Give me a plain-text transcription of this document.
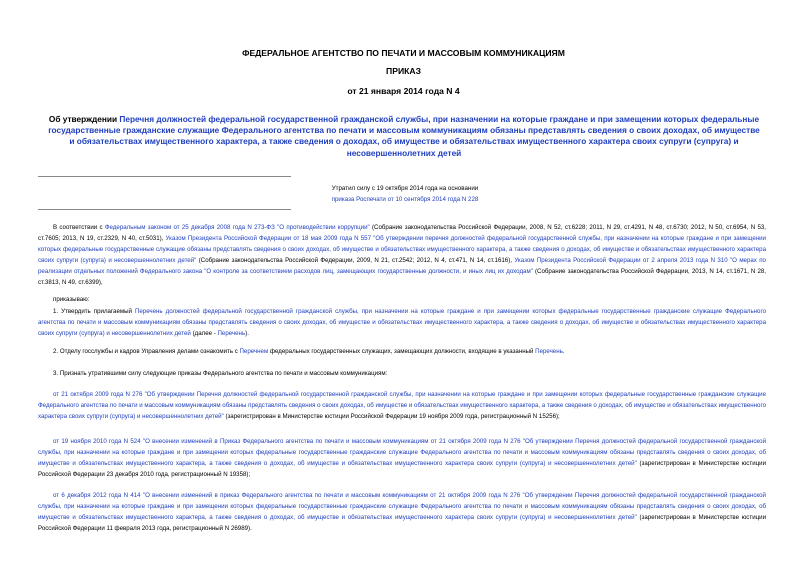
ФЕДЕРАЛЬНОЕ АГЕНТСТВО ПО ПЕЧАТИ И МАССОВЫМ КОММУНИКАЦИЯМ
ПРИКАЗ
от 21 января 2014 года N 4
Об утверждении Перечня должностей федеральной государственной гражданской службы, при назначении на которые граждане и при замещении которых федеральные государственные гражданские служащие Федерального агентства по печати и массовым коммуникациям обязаны представлять сведения о своих доходах, об имуществе и обязательствах имущественного характера, а также сведения о доходах, об имуществе и обязательствах имущественного характера своих супруги (супруга) и несовершеннолетних детей
Утратил силу с 19 октября 2014 года на основании
приказа Роспечати от 10 сентября 2014 года N 228
В соответствии с Федеральным законом от 25 декабря 2008 года N 273-ФЗ "О противодействии коррупции" (Собрание законодательства Российской Федерации, 2008, N 52, ст.6228; 2011, N 29, ст.4291, N 48, ст.6730; 2012, N 50, ст.6954, N 53, ст.7605; 2013, N 19, ст.2329, N 40, ст.5031), Указом Президента Российской Федерации от 18 мая 2009 года N 557 "Об утверждении перечня должностей федеральной государственной службы, при назначении на которые граждане и при замещении которых федеральные государственные служащие обязаны представлять сведения о своих доходах, об имуществе и обязательствах имущественного характера, а также сведения о доходах, об имуществе и обязательствах имущественного характера своих супруги (супруга) и несовершеннолетних детей" (Собрание законодательства Российской Федерации, 2009, N 21, ст.2542; 2012, N 4, ст.471, N 14, ст.1616), Указом Президента Российской Федерации от 2 апреля 2013 года N 310 "О мерах по реализации отдельных положений Федерального закона "О контроле за соответствием расходов лиц, замещающих государственные должности, и иных лиц их доходам" (Собрание законодательства Российской Федерации, 2013, N 14, ст.1671, N 28, ст.3813, N 49, ст.6399),
приказываю:
1. Утвердить прилагаемый Перечень должностей федеральной государственной гражданской службы, при назначении на которые граждане и при замещении которых федеральные государственные гражданские служащие Федерального агентства по печати и массовым коммуникациям обязаны представлять сведения о своих доходах, об имуществе и обязательствах имущественного характера, а также сведения о доходах, об имуществе и обязательствах имущественного характера своих супруги (супруга) и несовершеннолетних детей (далее - Перечень).
2. Отделу госслужбы и кадров Управления делами ознакомить с Перечнем федеральных государственных служащих, замещающих должности, входящие в указанный Перечень.
3. Признать утратившими силу следующие приказы Федерального агентства по печати и массовым коммуникациям:
от 21 октября 2009 года N 276 "Об утверждении Перечня должностей федеральной государственной гражданской службы, при назначении на которые граждане и при замещении которых федеральные государственные гражданские служащие Федерального агентства по печати и массовым коммуникациям обязаны представлять сведения о своих доходах, об имуществе и обязательствах имущественного характера, а также сведения о доходах, об имуществе и обязательствах имущественного характера своих супруги (супруга) и несовершеннолетних детей" (зарегистрирован в Министерстве юстиции Российской Федерации 19 ноября 2009 года, регистрационный N 15256);
от 19 ноября 2010 года N 524 "О внесении изменений в Приказ Федерального агентства по печати и массовым коммуникациям от 21 октября 2009 года N 276 "Об утверждении Перечня должностей федеральной государственной гражданской службы, при назначении на которые граждане и при замещении которых федеральные государственные гражданские служащие Федерального агентства по печати и массовым коммуникациям обязаны представлять сведения о своих доходах, об имуществе и обязательствах имущественного характера, а также сведения о доходах, об имуществе и обязательствах имущественного характера своих супруги (супруга) и несовершеннолетних детей" (зарегистрирован в Министерстве юстиции Российской Федерации 23 декабря 2010 года, регистрационный N 19358);
от 6 декабря 2012 года N 414 "О внесении изменений в приказ Федерального агентства по печати и массовым коммуникациям от 21 октября 2009 года N 276 "Об утверждении Перечня должностей федеральной государственной гражданской службы, при назначении на которые граждане и при замещении которых федеральные государственные гражданские служащие Федерального агентства по печати и массовым коммуникациям обязаны представлять сведения о своих доходах, об имуществе и обязательствах имущественного характера, а также сведения о доходах, об имуществе и обязательствах имущественного характера своих супруги (супруга) и несовершеннолетних детей" (зарегистрирован в Министерстве юстиции Российской Федерации 11 февраля 2013 года, регистрационный N 26989).
